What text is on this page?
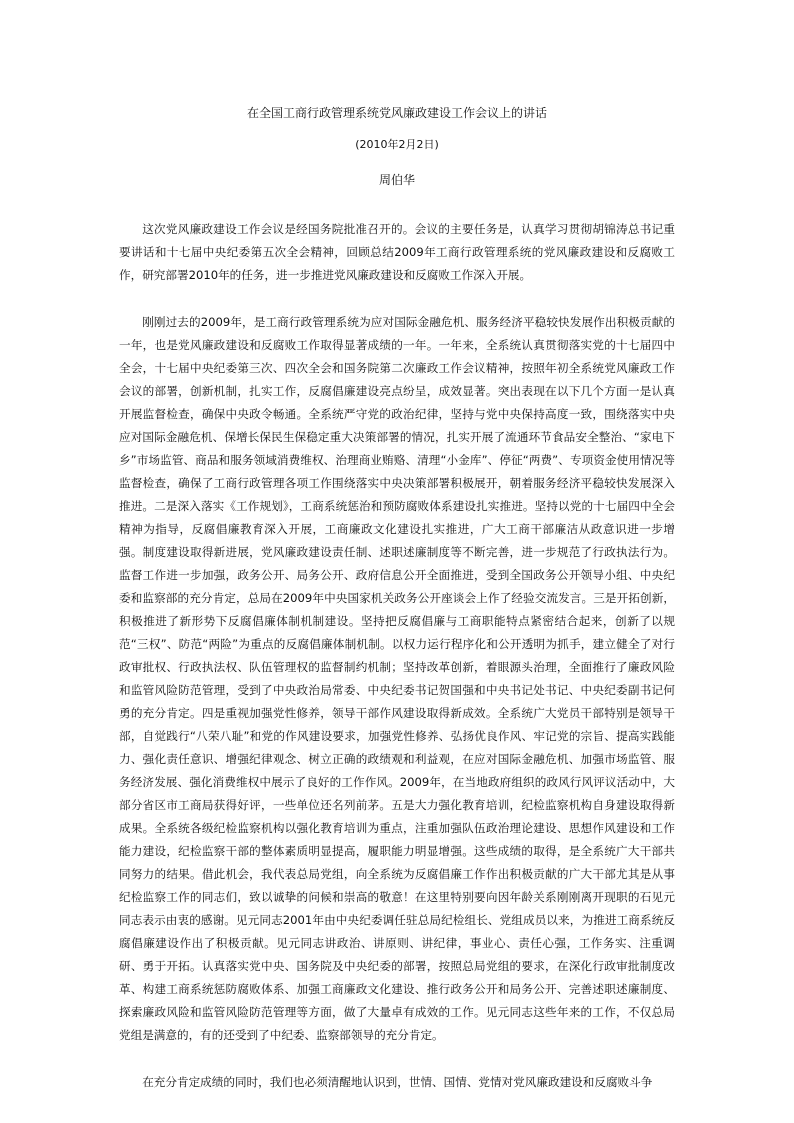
在全国工商行政管理系统党风廉政建设工作会议上的讲话
(2010年2月2日)
周伯华

这次党风廉政建设工作会议是经国务院批准召开的。会议的主要任务是，认真学习贯彻胡锦涛总书记重要讲话和十七届中央纪委第五次全会精神，回顾总结2009年工商行政管理系统的党风廉政建设和反腐败工作，研究部署2010年的任务，进一步推进党风廉政建设和反腐败工作深入开展。

刚刚过去的2009年，是工商行政管理系统为应对国际金融危机、服务经济平稳较快发展作出积极贡献的一年，也是党风廉政建设和反腐败工作取得显著成绩的一年。一年来，全系统认真贯彻落实党的十七届四中全会，十七届中央纪委第三次、四次全会和国务院第二次廉政工作会议精神，按照年初全系统党风廉政工作会议的部署，创新机制，扎实工作，反腐倡廉建设亮点纷呈，成效显著。突出表现在以下几个方面一是认真开展监督检查，确保中央政令畅通。全系统严守党的政治纪律，坚持与党中央保持高度一致，围绕落实中央应对国际金融危机、保增长保民生保稳定重大决策部署的情况，扎实开展了流通环节食品安全整治、“家电下乡”市场监管、商品和服务领域消费维权、治理商业贿赂、清理“小金库”、停征“两费”、专项资金使用情况等监督检查，确保了工商行政管理各项工作围绕落实中央决策部署积极展开，朝着服务经济平稳较快发展深入推进。二是深入落实《工作规划》，工商系统惩治和预防腐败体系建设扎实推进。坚持以党的十七届四中全会精神为指导，反腐倡廉教育深入开展，工商廉政文化建设扎实推进，广大工商干部廉洁从政意识进一步增强。制度建设取得新进展，党风廉政建设责任制、述职述廉制度等不断完善，进一步规范了行政执法行为。监督工作进一步加强，政务公开、局务公开、政府信息公开全面推进，受到全国政务公开领导小组、中央纪委和监察部的充分肯定，总局在2009年中央国家机关政务公开座谈会上作了经验交流发言。三是开拓创新，积极推进了新形势下反腐倡廉体制机制建设。坚持把反腐倡廉与工商职能特点紧密结合起来，创新了以规范“三权”、防范“两险”为重点的反腐倡廉体制机制。以权力运行程序化和公开透明为抓手，建立健全了对行政审批权、行政执法权、队伍管理权的监督制约机制；坚持改革创新，着眼源头治理，全面推行了廉政风险和监管风险防范管理，受到了中央政治局常委、中央纪委书记贺国强和中央书记处书记、中央纪委副书记何勇的充分肯定。四是重视加强党性修养，领导干部作风建设取得新成效。全系统广大党员干部特别是领导干部，自觉践行“八荣八耻”和党的作风建设要求，加强党性修养、弘扬优良作风、牢记党的宗旨、提高实践能力、强化责任意识、增强纪律观念、树立正确的政绩观和利益观，在应对国际金融危机、加强市场监管、服务经济发展、强化消费维权中展示了良好的工作作风。2009年，在当地政府组织的政风行风评议活动中，大部分省区市工商局获得好评，一些单位还名列前茅。五是大力强化教育培训，纪检监察机构自身建设取得新成果。全系统各级纪检监察机构以强化教育培训为重点，注重加强队伍政治理论建设、思想作风建设和工作能力建设，纪检监察干部的整体素质明显提高，履职能力明显增强。这些成绩的取得，是全系统广大干部共同努力的结果。借此机会，我代表总局党组，向全系统为反腐倡廉工作作出积极贡献的广大干部尤其是从事纪检监察工作的同志们，致以诚挚的问候和崇高的敬意！在这里特别要向因年龄关系刚刚离开现职的石见元同志表示由衷的感谢。见元同志2001年由中央纪委调任驻总局纪检组长、党组成员以来，为推进工商系统反腐倡廉建设作出了积极贡献。见元同志讲政治、讲原则、讲纪律，事业心、责任心强，工作务实、注重调研、勇于开拓。认真落实党中央、国务院及中央纪委的部署，按照总局党组的要求，在深化行政审批制度改革、构建工商系统惩防腐败体系、加强工商廉政文化建设、推行政务公开和局务公开、完善述职述廉制度、探索廉政风险和监管风险防范管理等方面，做了大量卓有成效的工作。见元同志这些年来的工作，不仅总局党组是满意的，有的还受到了中纪委、监察部领导的充分肯定。

在充分肯定成绩的同时，我们也必须清醒地认识到，世情、国情、党情对党风廉政建设和反腐败斗争
